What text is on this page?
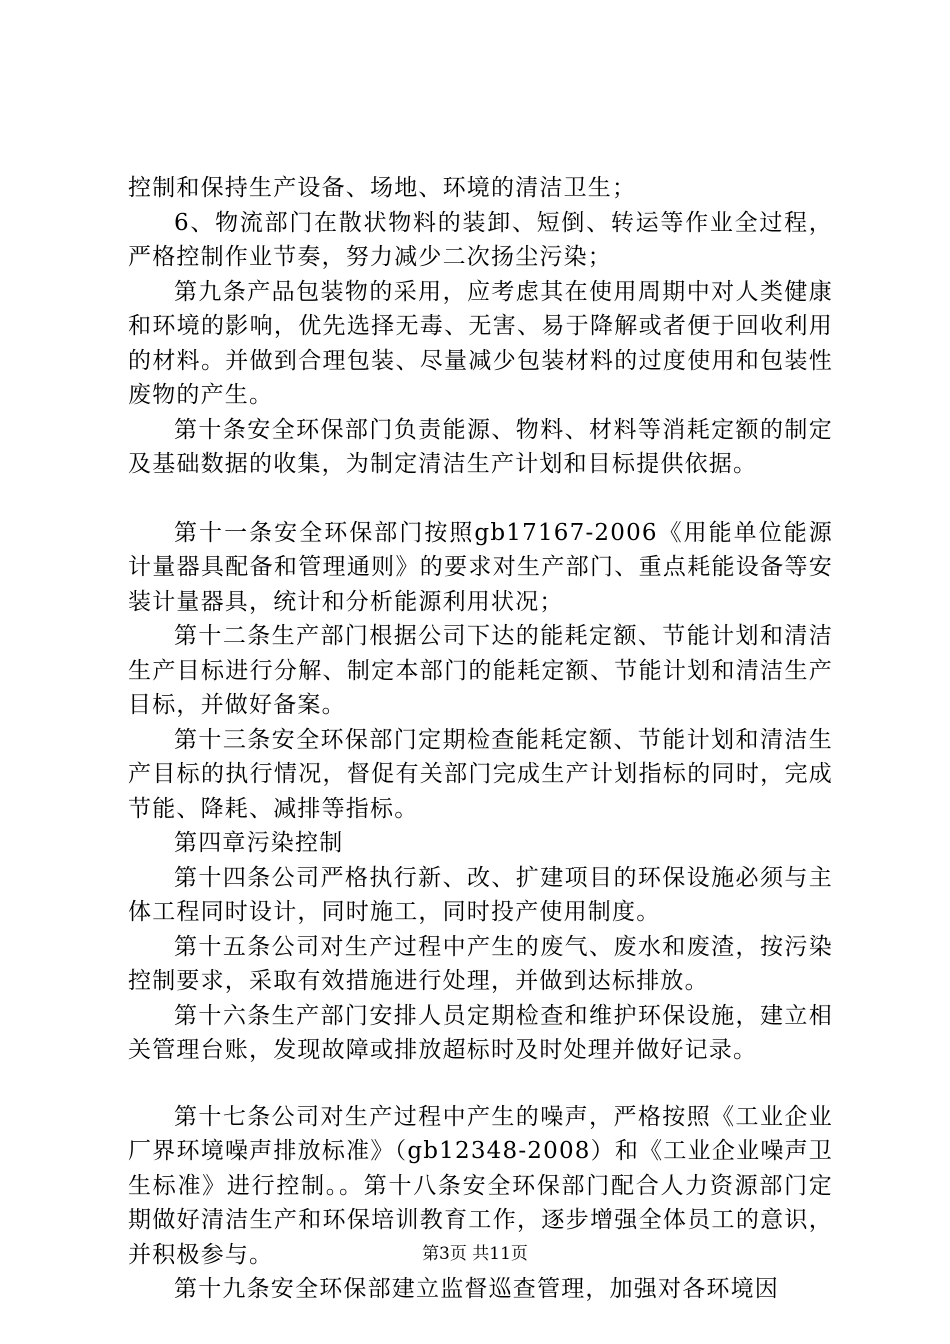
控制和保持生产设备、场地、环境的清洁卫生；

6、物流部门在散状物料的装卸、短倒、转运等作业全过程，严格控制作业节奏，努力减少二次扬尘污染；

第九条产品包装物的采用，应考虑其在使用周期中对人类健康和环境的影响，优先选择无毒、无害、易于降解或者便于回收利用的材料。并做到合理包装、尽量减少包装材料的过度使用和包装性废物的产生。

第十条安全环保部门负责能源、物料、材料等消耗定额的制定及基础数据的收集，为制定清洁生产计划和目标提供依据。

第十一条安全环保部门按照gb17167-2006《用能单位能源计量器具配备和管理通则》的要求对生产部门、重点耗能设备等安装计量器具，统计和分析能源利用状况；

第十二条生产部门根据公司下达的能耗定额、节能计划和清洁生产目标进行分解、制定本部门的能耗定额、节能计划和清洁生产目标，并做好备案。

第十三条安全环保部门定期检查能耗定额、节能计划和清洁生产目标的执行情况，督促有关部门完成生产计划指标的同时，完成节能、降耗、减排等指标。

第四章污染控制

第十四条公司严格执行新、改、扩建项目的环保设施必须与主体工程同时设计，同时施工，同时投产使用制度。

第十五条公司对生产过程中产生的废气、废水和废渣，按污染控制要求，采取有效措施进行处理，并做到达标排放。

第十六条生产部门安排人员定期检查和维护环保设施，建立相关管理台账，发现故障或排放超标时及时处理并做好记录。

第十七条公司对生产过程中产生的噪声，严格按照《工业企业厂界环境噪声排放标准》（gb12348-2008）和《工业企业噪声卫生标准》进行控制。。第十八条安全环保部门配合人力资源部门定期做好清洁生产和环保培训教育工作，逐步增强全体员工的意识，并积极参与。

第十九条安全环保部建立监督巡查管理，加强对各环境因

第3页 共11页
